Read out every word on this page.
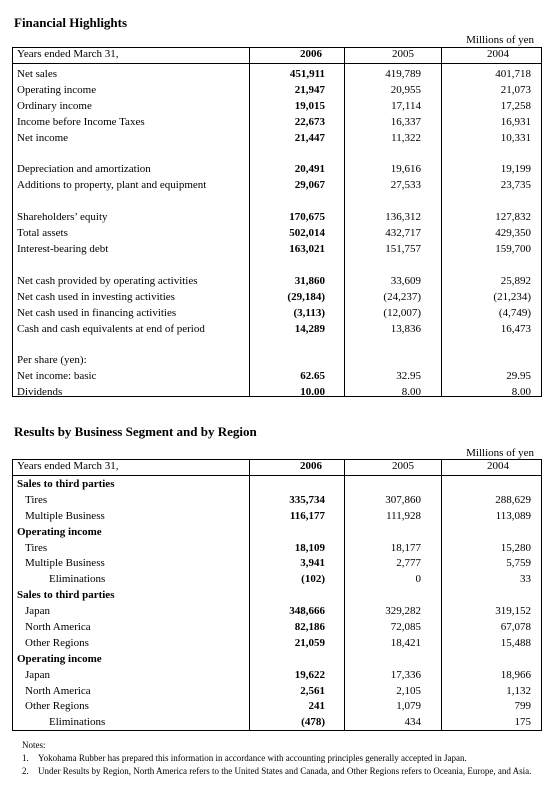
Financial Highlights
Millions of yen
Years ended March 31,	2006	2005	2004
Net sales	451,911	419,789	401,718
Operating income	21,947	20,955	21,073
Ordinary income	19,015	17,114	17,258
Income before Income Taxes	22,673	16,337	16,931
Net income	21,447	11,322	10,331
Depreciation and amortization	20,491	19,616	19,199
Additions to property, plant and equipment	29,067	27,533	23,735
Shareholders’ equity	170,675	136,312	127,832
Total assets	502,014	432,717	429,350
Interest-bearing debt	163,021	151,757	159,700
Net cash provided by operating activities	31,860	33,609	25,892
Net cash used in investing activities	(29,184)	(24,237)	(21,234)
Net cash used in financing activities	(3,113)	(12,007)	(4,749)
Cash and cash equivalents at end of period	14,289	13,836	16,473
Per share (yen):
Net income: basic	62.65	32.95	29.95
Dividends	10.00	8.00	8.00
Results by Business Segment and by Region
Millions of yen
Years ended March 31,	2006	2005	2004
Sales to third parties
Tires	335,734	307,860	288,629
Multiple Business	116,177	111,928	113,089
Operating income
Tires	18,109	18,177	15,280
Multiple Business	3,941	2,777	5,759
Eliminations	(102)	0	33
Sales to third parties
Japan	348,666	329,282	319,152
North America	82,186	72,085	67,078
Other Regions	21,059	18,421	15,488
Operating income
Japan	19,622	17,336	18,966
North America	2,561	2,105	1,132
Other Regions	241	1,079	799
Eliminations	(478)	434	175
Notes:
1. Yokohama Rubber has prepared this information in accordance with accounting principles generally accepted in Japan.
2. Under Results by Region, North America refers to the United States and Canada, and Other Regions refers to Oceania, Europe, and Asia.
